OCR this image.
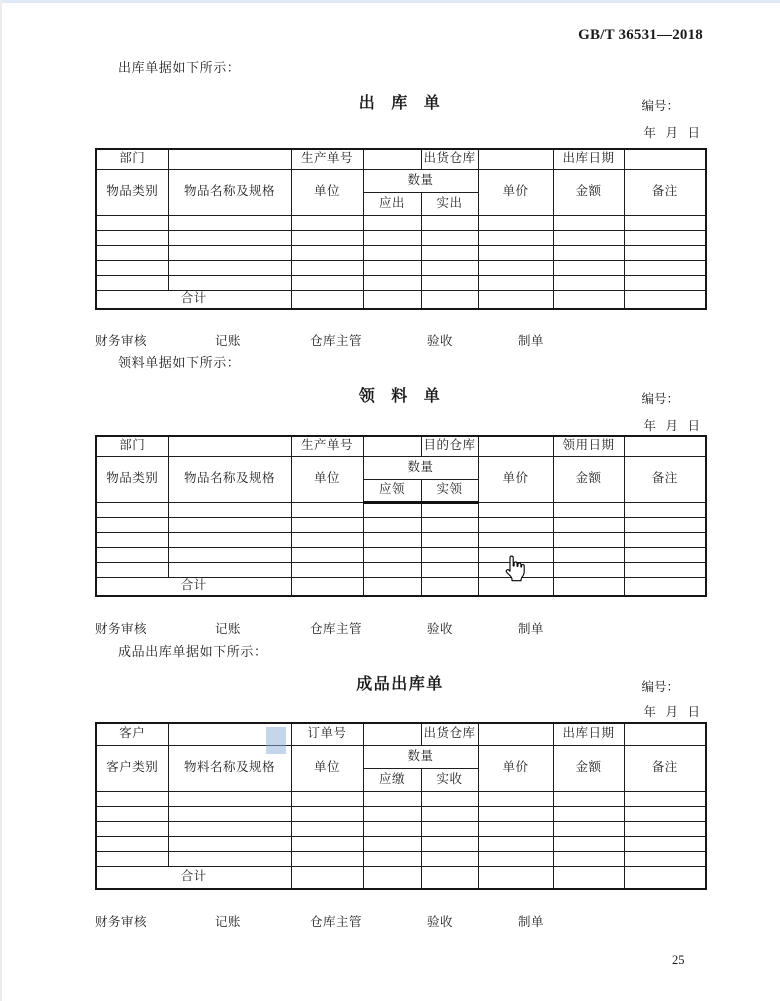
GB/T 36531—2018
出库单据如下所示：
出 库 单	编号：
年 月 日
部门		生产单号		出货仓库		出库日期	
物品类别	物品名称及规格	单位	数量		单价	金额	备注
			应出	实出			

合计							
财务审核	记账	仓库主管	验收	制单
领料单据如下所示：
领 料 单	编号：
年 月 日
部门		生产单号		目的仓库		领用日期	
物品类别	物品名称及规格	单位	数量		单价	金额	备注
			应领	实领			

合计							
财务审核	记账	仓库主管	验收	制单
成品出库单据如下所示：
成品出库单	编号：
年 月 日
客户		订单号		出货仓库		出库日期	
客户类别	物料名称及规格	单位	数量		单价	金额	备注
			应缴	实收			

合计							
财务审核	记账	仓库主管	验收	制单
25
